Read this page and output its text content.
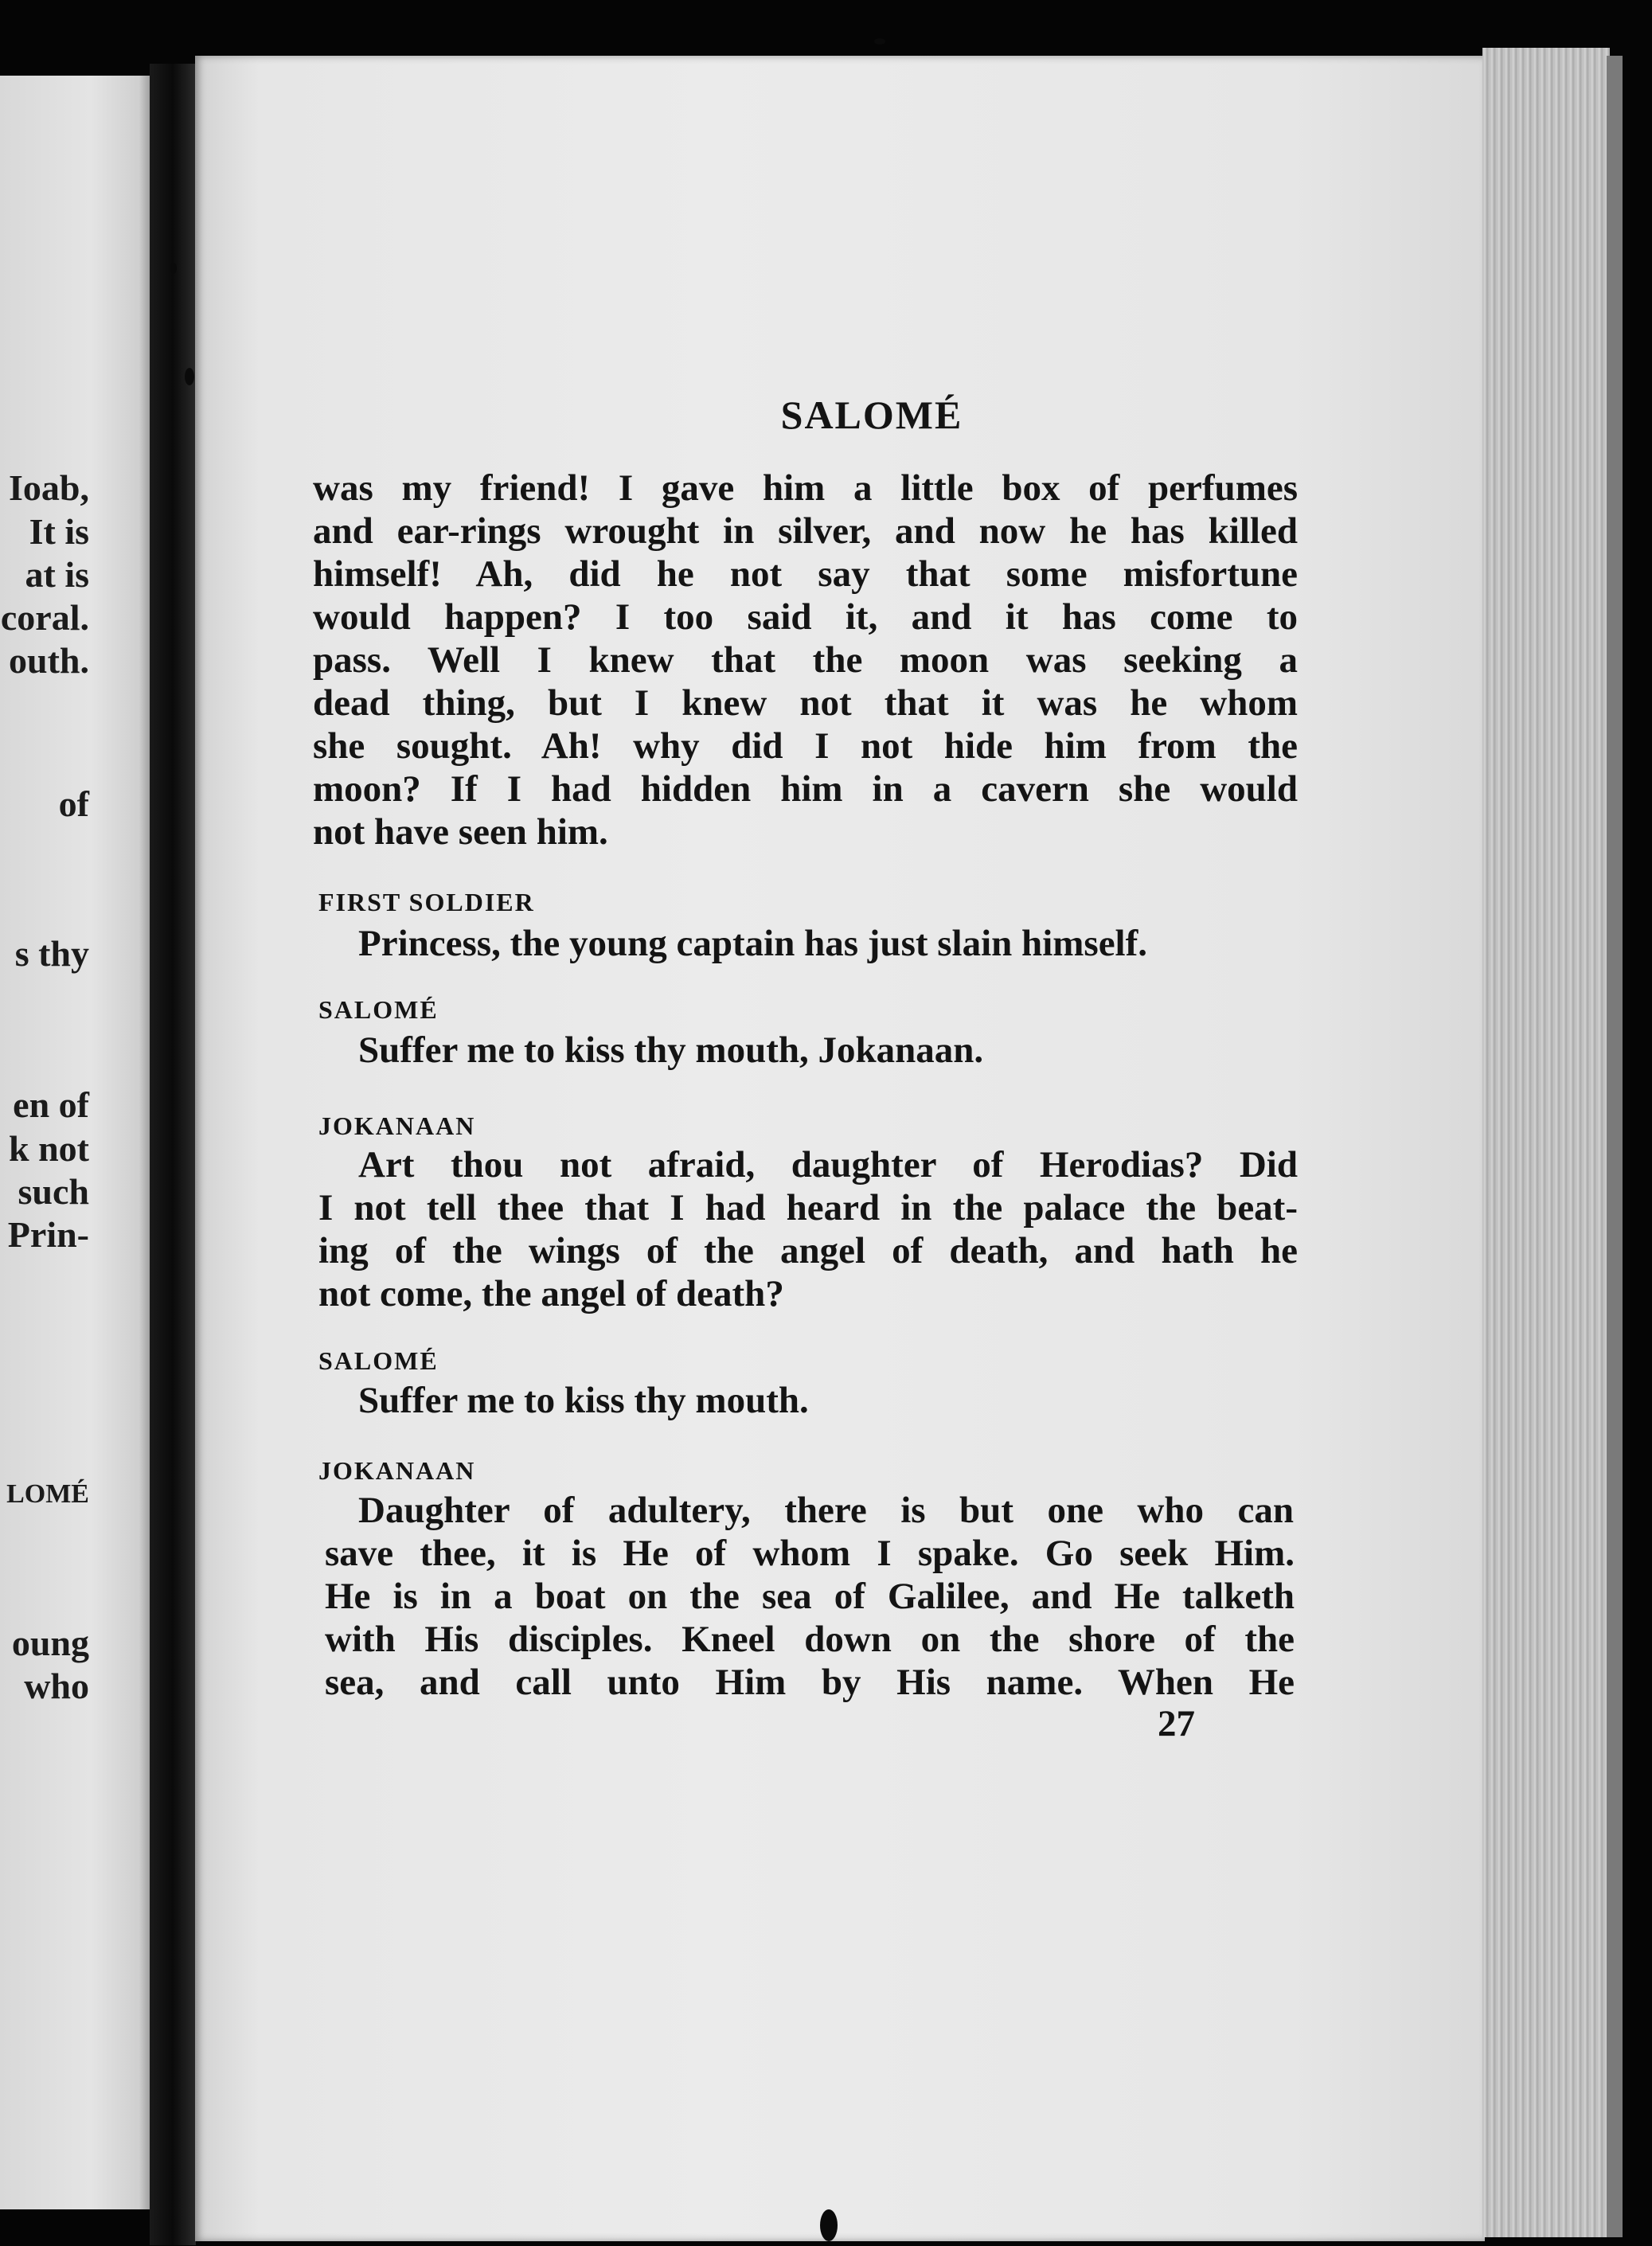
Ioab,
It is
at is
coral.
outh.
of
s thy
en of
k not
such
Prin-
LOMÉ
oung
who
SALOMÉ
was my friend! I gave him a little box of perfumes
and ear-rings wrought in silver, and now he has killed
himself! Ah, did he not say that some misfortune
would happen? I too said it, and it has come to
pass. Well I knew that the moon was seeking a
dead thing, but I knew not that it was he whom
she sought. Ah! why did I not hide him from the
moon? If I had hidden him in a cavern she would
not have seen him.
FIRST SOLDIER
Princess, the young captain has just slain himself.
SALOMÉ
Suffer me to kiss thy mouth, Jokanaan.
JOKANAAN
Art thou not afraid, daughter of Herodias? Did
I not tell thee that I had heard in the palace the beat-
ing of the wings of the angel of death, and hath he
not come, the angel of death?
SALOMÉ
Suffer me to kiss thy mouth.
JOKANAAN
Daughter of adultery, there is but one who can
save thee, it is He of whom I spake. Go seek Him.
He is in a boat on the sea of Galilee, and He talketh
with His disciples. Kneel down on the shore of the
sea, and call unto Him by His name. When He
27
